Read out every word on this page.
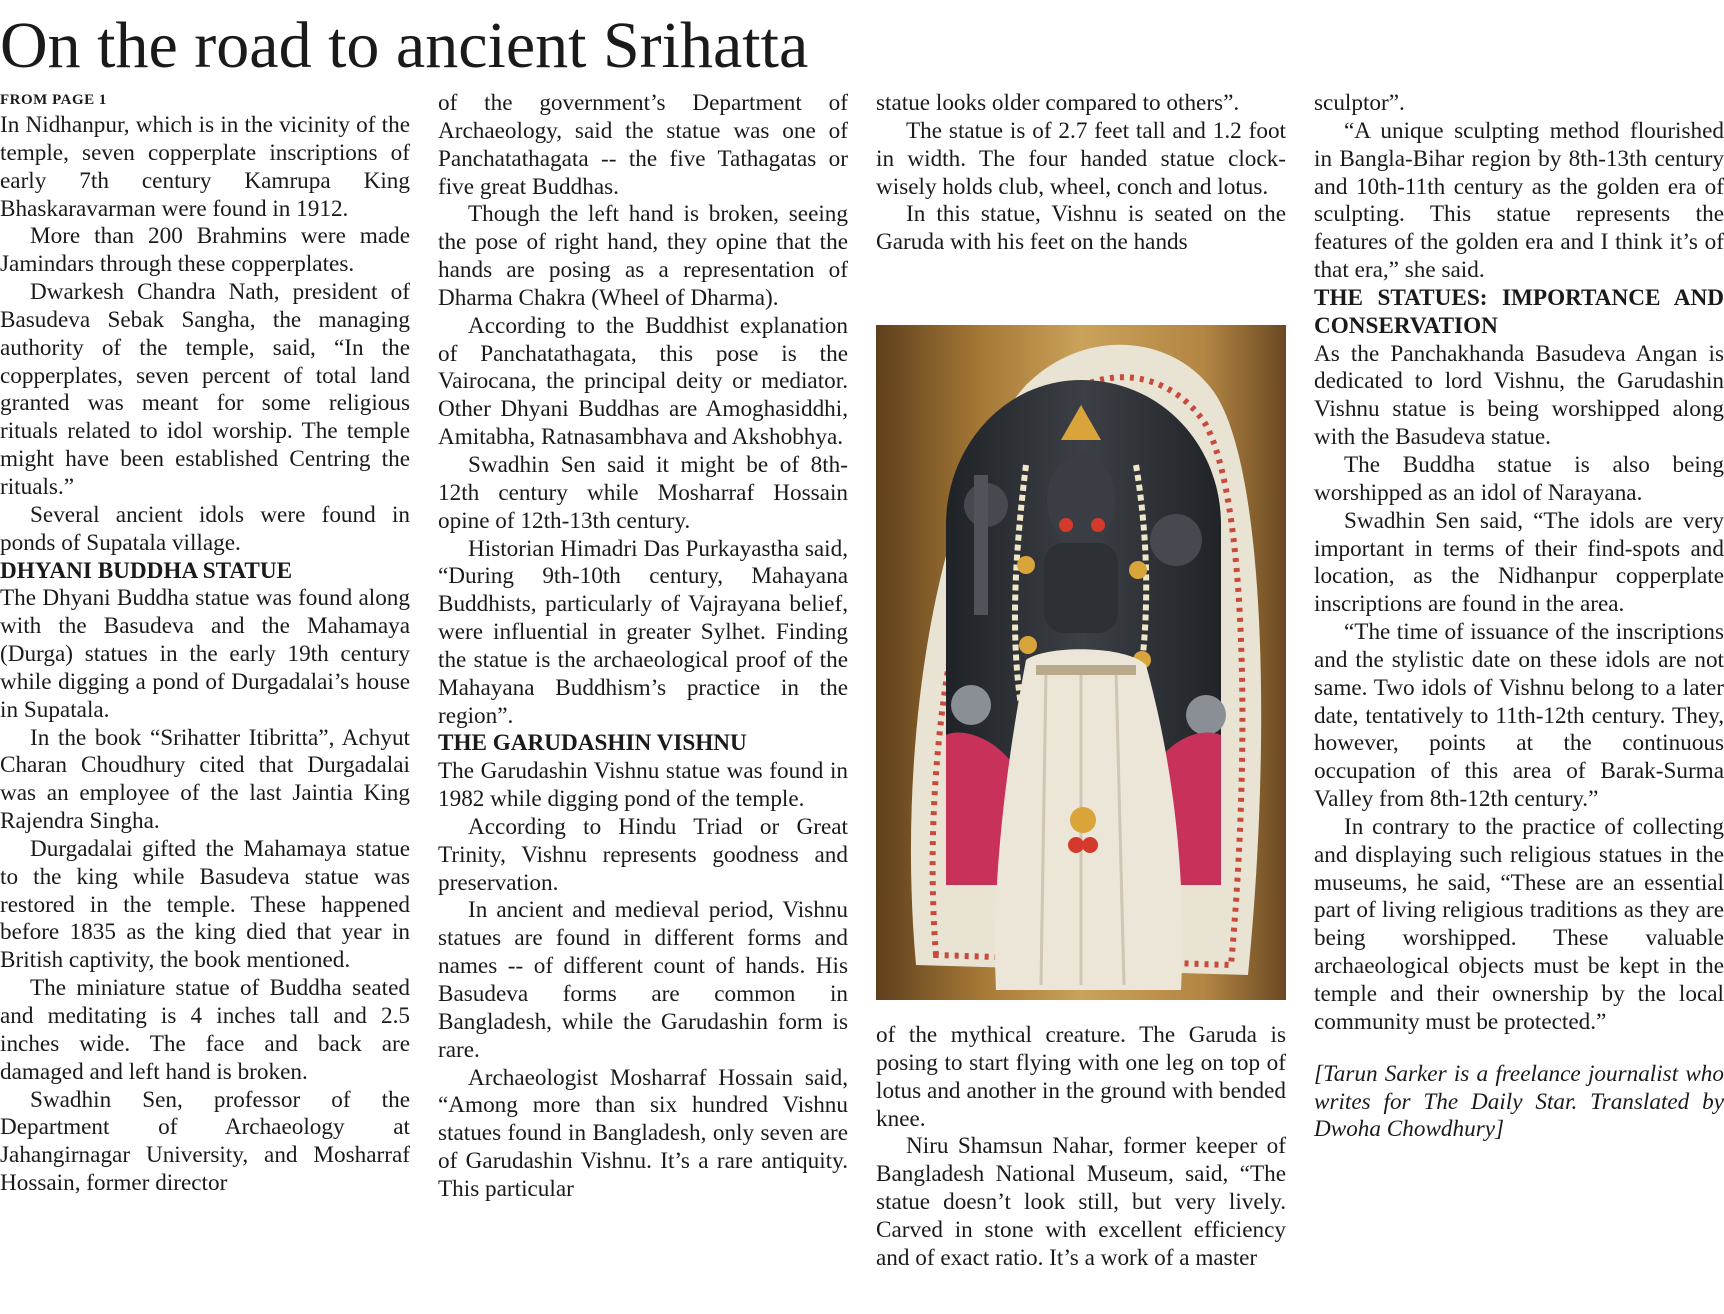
On the road to ancient Srihatta
FROM PAGE 1

In Nidhanpur, which is in the vicinity of the temple, seven copperplate inscriptions of early 7th century Kamrupa King Bhaskaravarman were found in 1912.

More than 200 Brahmins were made Jamindars through these copperplates.

Dwarkesh Chandra Nath, president of Basudeva Sebak Sangha, the managing authority of the temple, said, “In the copperplates, seven percent of total land granted was meant for some religious rituals related to idol worship. The temple might have been established Centring the rituals.”

Several ancient idols were found in ponds of Supatala village.

DHYANI BUDDHA STATUE

The Dhyani Buddha statue was found along with the Basudeva and the Mahamaya (Durga) statues in the early 19th century while digging a pond of Durgadalai’s house in Supatala.

In the book “Srihatter Itibritta”, Achyut Charan Choudhury cited that Durgadalai was an employee of the last Jaintia King Rajendra Singha.

Durgadalai gifted the Mahamaya statue to the king while Basudeva statue was restored in the temple. These happened before 1835 as the king died that year in British captivity, the book mentioned.

The miniature statue of Buddha seated and meditating is 4 inches tall and 2.5 inches wide. The face and back are damaged and left hand is broken.

Swadhin Sen, professor of the Department of Archaeology at Jahangirnagar University, and Mosharraf Hossain, former director

of the government’s Department of Archaeology, said the statue was one of Panchatathagata -- the five Tathagatas or five great Buddhas.

Though the left hand is broken, seeing the pose of right hand, they opine that the hands are posing as a representation of Dharma Chakra (Wheel of Dharma).

According to the Buddhist explanation of Panchatathagata, this pose is the Vairocana, the principal deity or mediator. Other Dhyani Buddhas are Amoghasiddhi, Amitabha, Ratnasambhava and Akshobhya.

Swadhin Sen said it might be of 8th-12th century while Mosharraf Hossain opine of 12th-13th century.

Historian Himadri Das Purkayastha said, “During 9th-10th century, Mahayana Buddhists, particularly of Vajrayana belief, were influential in greater Sylhet. Finding the statue is the archaeological proof of the Mahayana Buddhism’s practice in the region”.

THE GARUDASHIN VISHNU

The Garudashin Vishnu statue was found in 1982 while digging pond of the temple.

According to Hindu Triad or Great Trinity, Vishnu represents goodness and preservation.

In ancient and medieval period, Vishnu statues are found in different forms and names -- of different count of hands. His Basudeva forms are common in Bangladesh, while the Garudashin form is rare.

Archaeologist Mosharraf Hossain said, “Among more than six hundred Vishnu statues found in Bangladesh, only seven are of Garudashin Vishnu. It’s a rare antiquity. This particular

statue looks older compared to others”.

The statue is of 2.7 feet tall and 1.2 foot in width. The four handed statue clock-wisely holds club, wheel, conch and lotus.

In this statue, Vishnu is seated on the Garuda with his feet on the hands

of the mythical creature. The Garuda is posing to start flying with one leg on top of lotus and another in the ground with bended knee.

Niru Shamsun Nahar, former keeper of Bangladesh National Museum, said, “The statue doesn’t look still, but very lively. Carved in stone with excellent efficiency and of exact ratio. It’s a work of a master

sculptor”.

“A unique sculpting method flourished in Bangla-Bihar region by 8th-13th century and 10th-11th century as the golden era of sculpting. This statue represents the features of the golden era and I think it’s of that era,” she said.

THE STATUES: IMPORTANCE AND CONSERVATION

As the Panchakhanda Basudeva Angan is dedicated to lord Vishnu, the Garudashin Vishnu statue is being worshipped along with the Basudeva statue.

The Buddha statue is also being worshipped as an idol of Narayana.

Swadhin Sen said, “The idols are very important in terms of their find-spots and location, as the Nidhanpur copperplate inscriptions are found in the area.

“The time of issuance of the inscriptions and the stylistic date on these idols are not same. Two idols of Vishnu belong to a later date, tentatively to 11th-12th century. They, however, points at the continuous occupation of this area of Barak-Surma Valley from 8th-12th century.”

In contrary to the practice of collecting and displaying such religious statues in the museums, he said, “These are an essential part of living religious traditions as they are being worshipped. These valuable archaeological objects must be kept in the temple and their ownership by the local community must be protected.”

[Tarun Sarker is a freelance journalist who writes for The Daily Star. Translated by Dwoha Chowdhury]
